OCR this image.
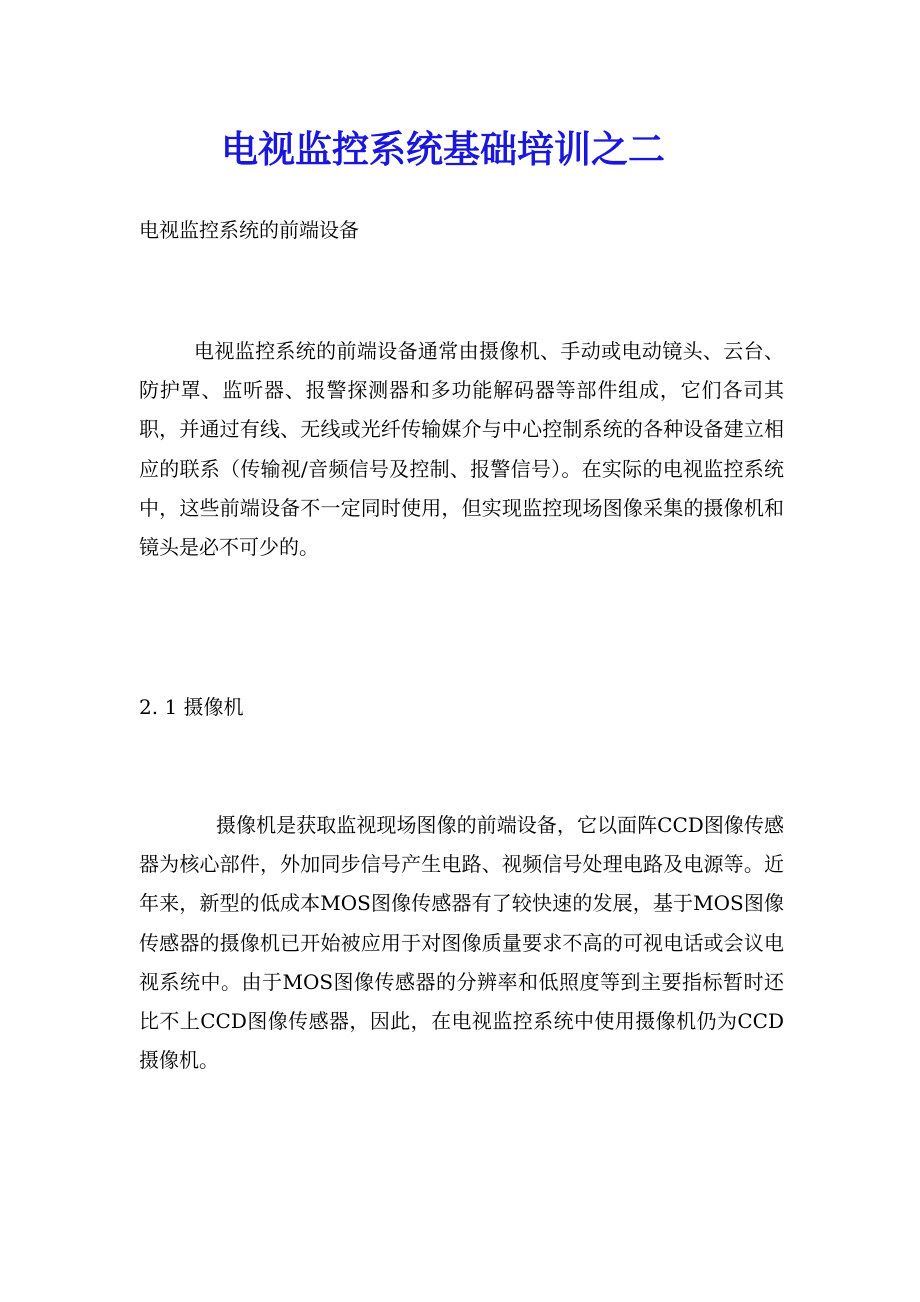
电视监控系统基础培训之二

电视监控系统的前端设备

电视监控系统的前端设备通常由摄像机、手动或电动镜头、云台、防护罩、监听器、报警探测器和多功能解码器等部件组成，它们各司其职，并通过有线、无线或光纤传输媒介与中心控制系统的各种设备建立相应的联系（传输视/音频信号及控制、报警信号）。在实际的电视监控系统中，这些前端设备不一定同时使用，但实现监控现场图像采集的摄像机和镜头是必不可少的。

2. 1 摄像机

摄像机是获取监视现场图像的前端设备，它以面阵CCD图像传感器为核心部件，外加同步信号产生电路、视频信号处理电路及电源等。近年来，新型的低成本MOS图像传感器有了较快速的发展，基于MOS图像传感器的摄像机已开始被应用于对图像质量要求不高的可视电话或会议电视系统中。由于MOS图像传感器的分辨率和低照度等到主要指标暂时还比不上CCD图像传感器，因此，在电视监控系统中使用摄像机仍为CCD摄像机。
